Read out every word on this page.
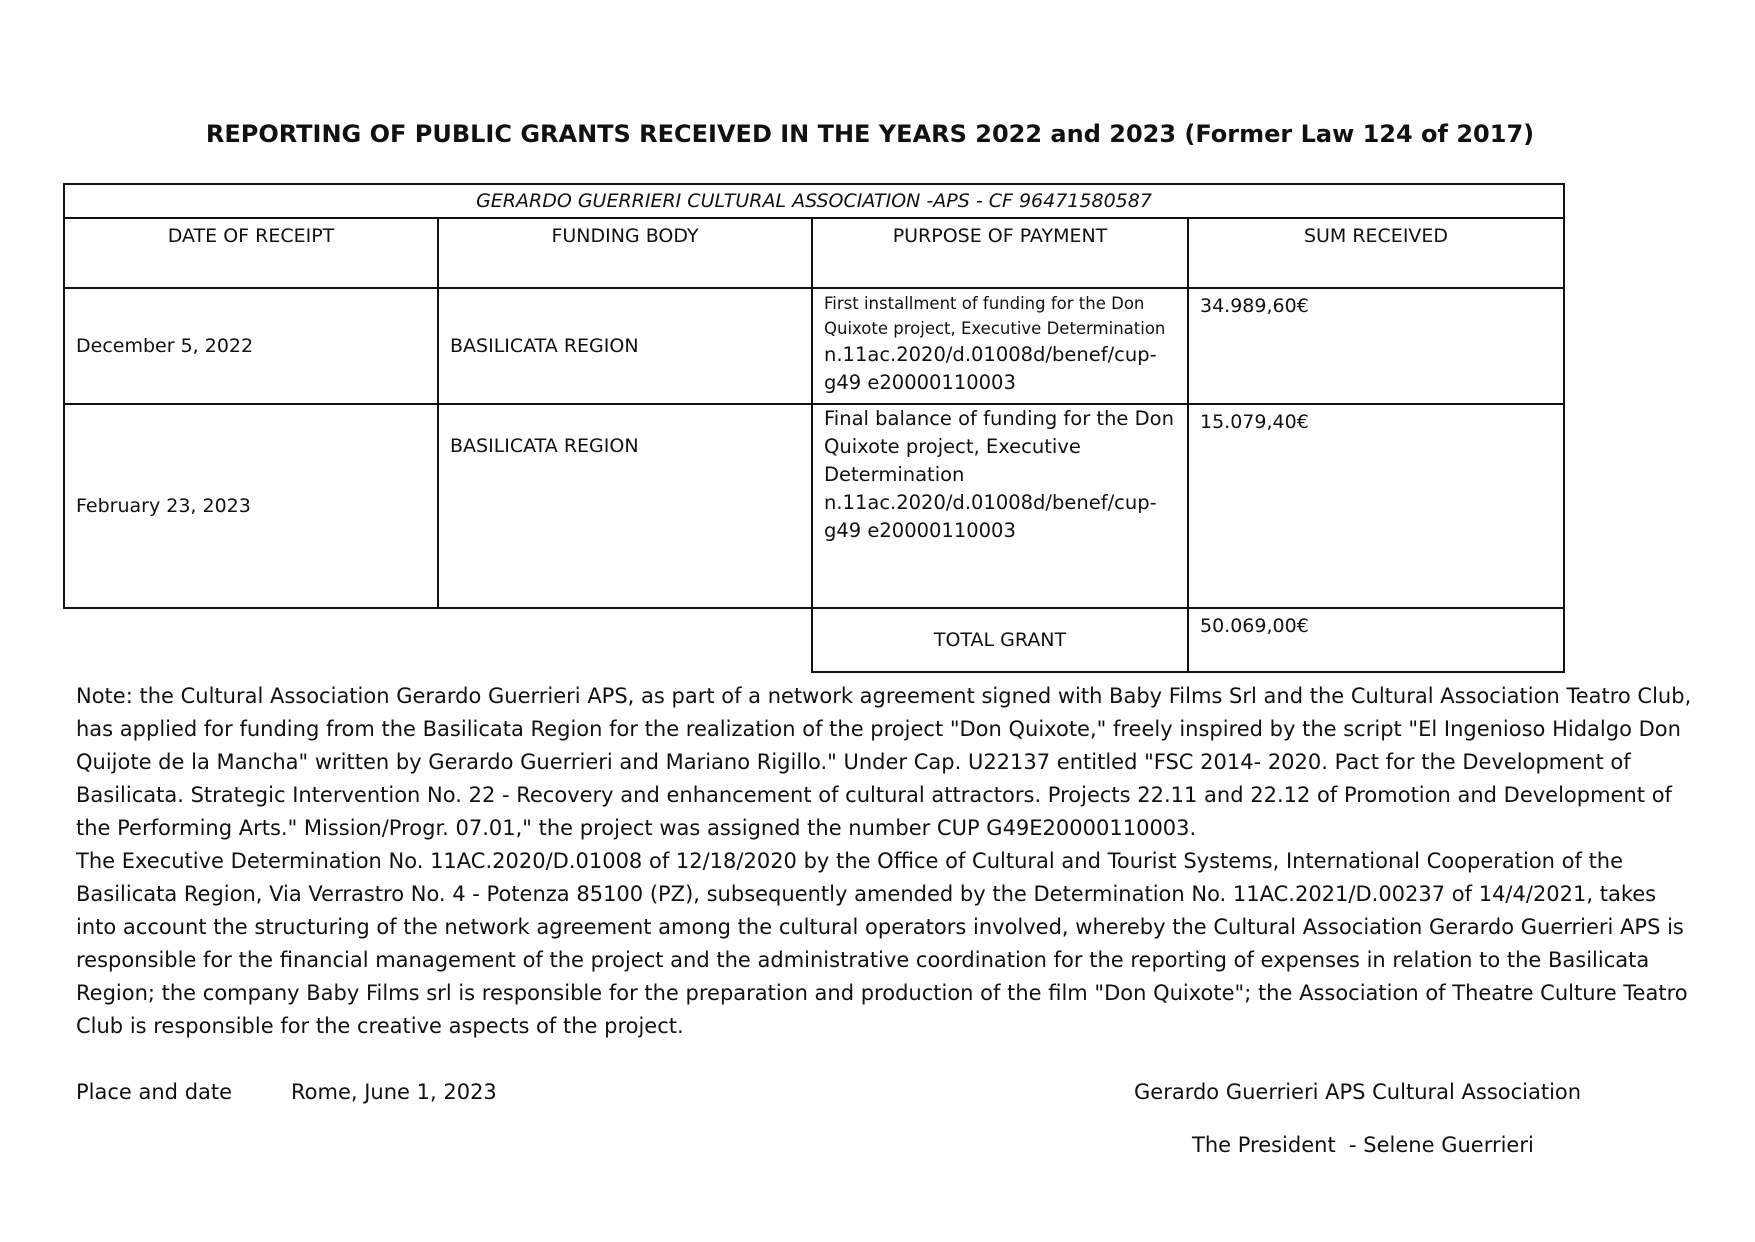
REPORTING OF PUBLIC GRANTS RECEIVED IN THE YEARS 2022 and 2023 (Former Law 124 of 2017)
GERARDO GUERRIERI CULTURAL ASSOCIATION -APS - CF 96471580587			
DATE OF RECEIPT	FUNDING BODY	PURPOSE OF PAYMENT	SUM RECEIVED
December 5, 2022	BASILICATA REGION	First installment of funding for the Don Quixote project, Executive Determination
n.11ac.2020/d.01008d/benef/cup-g49 e20000110003	34.989,60€
February 23, 2023	BASILICATA REGION	Final balance of funding for the Don Quixote project, Executive Determination
n.11ac.2020/d.01008d/benef/cup-g49 e20000110003	15.079,40€
		TOTAL GRANT	50.069,00€

Note: the Cultural Association Gerardo Guerrieri APS, as part of a network agreement signed with Baby Films Srl and the Cultural Association Teatro Club, has applied for funding from the Basilicata Region for the realization of the project "Don Quixote," freely inspired by the script "El Ingenioso Hidalgo Don Quijote de la Mancha" written by Gerardo Guerrieri and Mariano Rigillo." Under Cap. U22137 entitled "FSC 2014- 2020. Pact for the Development of Basilicata. Strategic Intervention No. 22 - Recovery and enhancement of cultural attractors. Projects 22.11 and 22.12 of Promotion and Development of the Performing Arts." Mission/Progr. 07.01," the project was assigned the number CUP G49E20000110003.

The Executive Determination No. 11AC.2020/D.01008 of 12/18/2020 by the Office of Cultural and Tourist Systems, International Cooperation of the Basilicata Region, Via Verrastro No. 4 - Potenza 85100 (PZ), subsequently amended by the Determination No. 11AC.2021/D.00237 of 14/4/2021, takes into account the structuring of the network agreement among the cultural operators involved, whereby the Cultural Association Gerardo Guerrieri APS is responsible for the financial management of the project and the administrative coordination for the reporting of expenses in relation to the Basilicata Region; the company Baby Films srl is responsible for the preparation and production of the film "Don Quixote"; the Association of Theatre Culture Teatro Club is responsible for the creative aspects of the project.

Place and date	Rome, June 1, 2023	Gerardo Guerrieri APS Cultural Association
The President  - Selene Guerrieri
